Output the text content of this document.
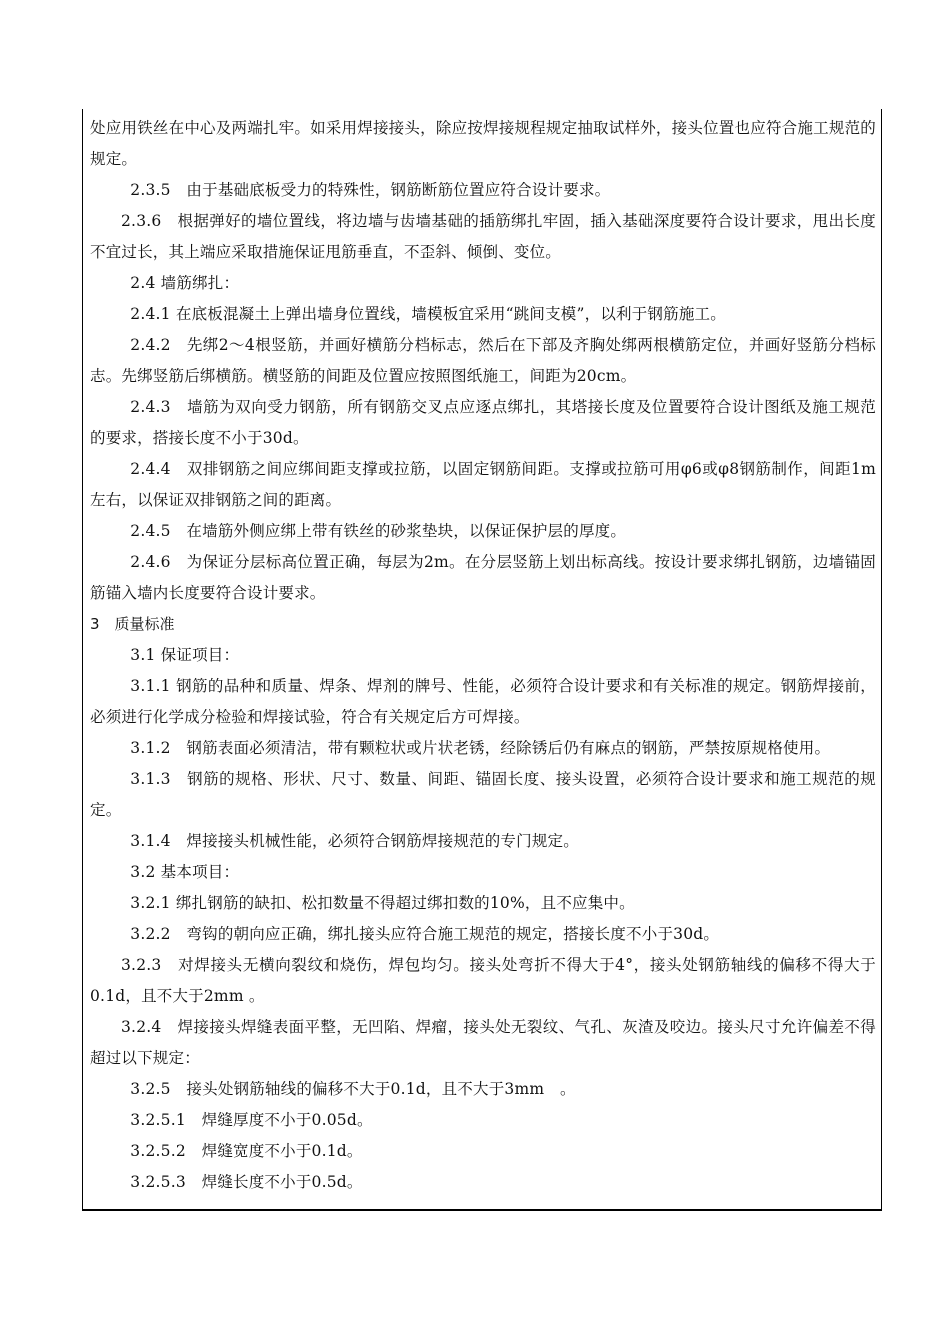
处应用铁丝在中心及两端扎牢。如采用焊接接头，除应按焊接规程规定抽取试样外，接头位置也应符合施工规范的规定。

2.3.5　由于基础底板受力的特殊性，钢筋断筋位置应符合设计要求。

2.3.6　根据弹好的墙位置线，将边墙与齿墙基础的插筋绑扎牢固，插入基础深度要符合设计要求，甩出长度不宜过长，其上端应采取措施保证甩筋垂直，不歪斜、倾倒、变位。

2.4 墙筋绑扎：

2.4.1 在底板混凝土上弹出墙身位置线，墙模板宜采用“跳间支模”，以利于钢筋施工。

2.4.2　先绑2～4根竖筋，并画好横筋分档标志，然后在下部及齐胸处绑两根横筋定位，并画好竖筋分档标志。先绑竖筋后绑横筋。横竖筋的间距及位置应按照图纸施工，间距为20cm。

2.4.3　墙筋为双向受力钢筋，所有钢筋交叉点应逐点绑扎，其塔接长度及位置要符合设计图纸及施工规范的要求，搭接长度不小于30d。

2.4.4　双排钢筋之间应绑间距支撑或拉筋，以固定钢筋间距。支撑或拉筋可用φ6或φ8钢筋制作，间距1m左右，以保证双排钢筋之间的距离。

2.4.5　在墙筋外侧应绑上带有铁丝的砂浆垫块，以保证保护层的厚度。

2.4.6　为保证分层标高位置正确，每层为2m。在分层竖筋上划出标高线。按设计要求绑扎钢筋，边墙锚固筋锚入墙内长度要符合设计要求。

3　质量标准

3.1 保证项目：

3.1.1 钢筋的品种和质量、焊条、焊剂的牌号、性能，必须符合设计要求和有关标准的规定。钢筋焊接前，必须进行化学成分检验和焊接试验，符合有关规定后方可焊接。

3.1.2　钢筋表面必须清洁，带有颗粒状或片状老锈，经除锈后仍有麻点的钢筋，严禁按原规格使用。

3.1.3　钢筋的规格、形状、尺寸、数量、间距、锚固长度、接头设置，必须符合设计要求和施工规范的规定。

3.1.4　焊接接头机械性能，必须符合钢筋焊接规范的专门规定。

3.2 基本项目：

3.2.1 绑扎钢筋的缺扣、松扣数量不得超过绑扣数的10%，且不应集中。

3.2.2　弯钩的朝向应正确，绑扎接头应符合施工规范的规定，搭接长度不小于30d。

3.2.3　对焊接头无横向裂纹和烧伤，焊包均匀。接头处弯折不得大于4°，接头处钢筋轴线的偏移不得大于0.1d，且不大于2mm 。

3.2.4　焊接接头焊缝表面平整，无凹陷、焊瘤，接头处无裂纹、气孔、灰渣及咬边。接头尺寸允许偏差不得超过以下规定：

3.2.5　接头处钢筋轴线的偏移不大于0.1d，且不大于3mm　。

3.2.5.1　焊缝厚度不小于0.05d。

3.2.5.2　焊缝宽度不小于0.1d。

3.2.5.3　焊缝长度不小于0.5d。
